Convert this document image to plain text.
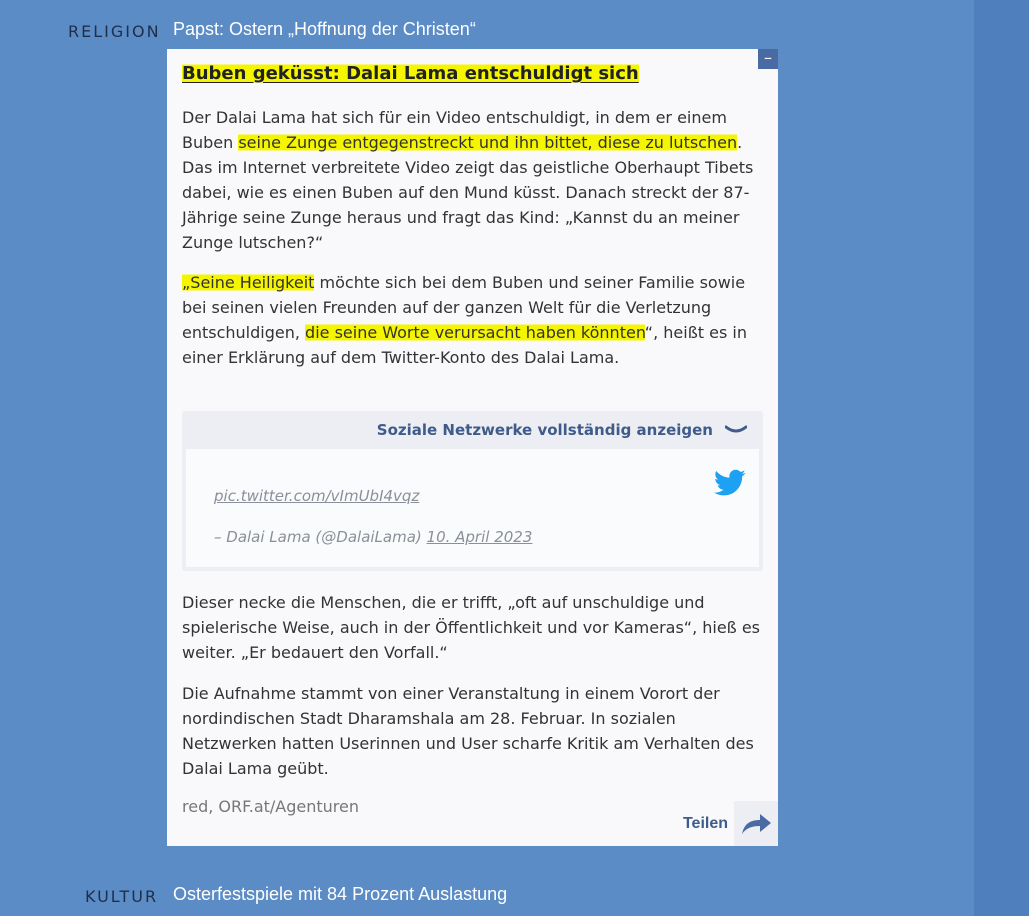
RELIGION Papst: Ostern „Hoffnung der Christen“
–
Buben geküsst: Dalai Lama entschuldigt sich

Der Dalai Lama hat sich für ein Video entschuldigt, in dem er einem Buben seine Zunge entgegenstreckt und ihn bittet, diese zu lutschen. Das im Internet verbreitete Video zeigt das geistliche Oberhaupt Tibets dabei, wie es einen Buben auf den Mund küsst. Danach streckt der 87-Jährige seine Zunge heraus und fragt das Kind: „Kannst du an meiner Zunge lutschen?“

„Seine Heiligkeit möchte sich bei dem Buben und seiner Familie sowie bei seinen vielen Freunden auf der ganzen Welt für die Verletzung entschuldigen, die seine Worte verursacht haben könnten“, heißt es in einer Erklärung auf dem Twitter-Konto des Dalai Lama.

Soziale Netzwerke vollständig anzeigen
pic.twitter.com/vImUbI4vqz
– Dalai Lama (@DalaiLama) 10. April 2023

Dieser necke die Menschen, die er trifft, „oft auf unschuldige und spielerische Weise, auch in der Öffentlichkeit und vor Kameras“, hieß es weiter. „Er bedauert den Vorfall.“

Die Aufnahme stammt von einer Veranstaltung in einem Vorort der nordindischen Stadt Dharamshala am 28. Februar. In sozialen Netzwerken hatten Userinnen und User scharfe Kritik am Verhalten des Dalai Lama geübt.

red, ORF.at/Agenturen
Teilen
KULTUR Osterfestspiele mit 84 Prozent Auslastung
